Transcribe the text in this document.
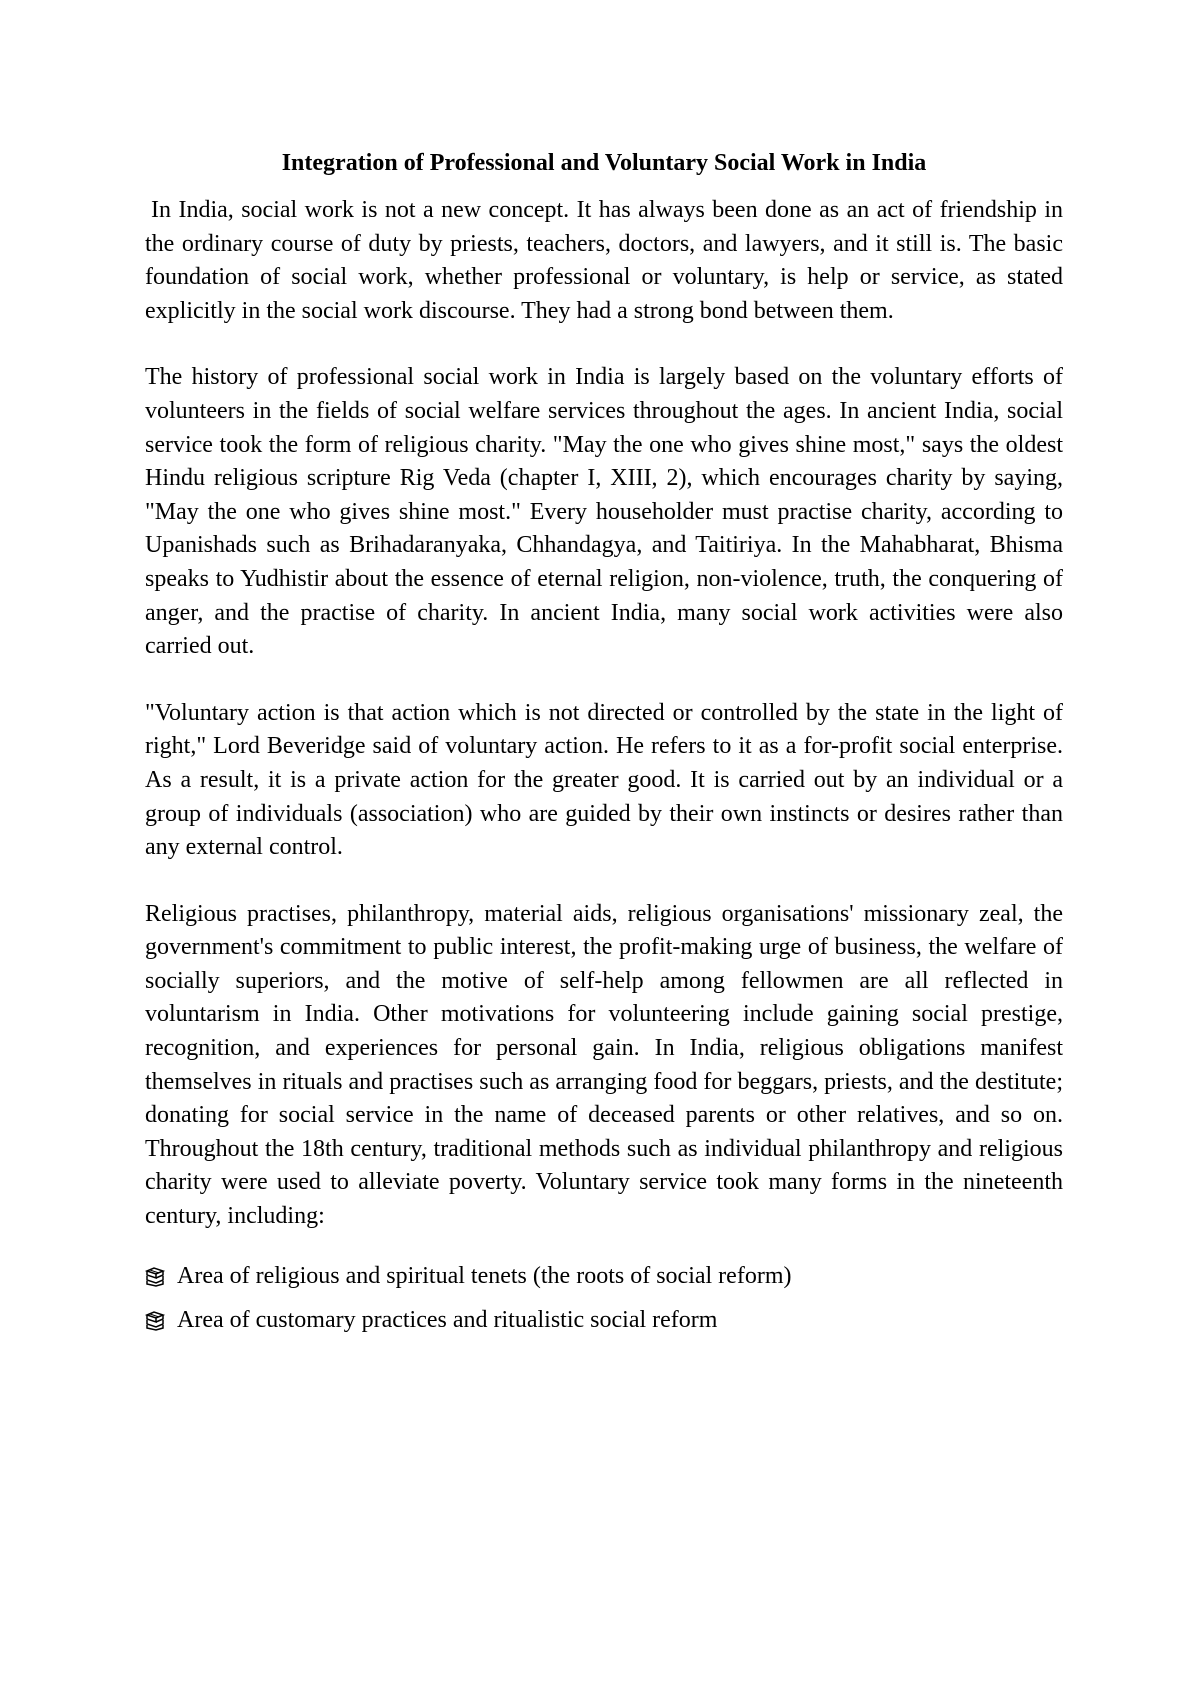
Integration of Professional and Voluntary Social Work in India

In India, social work is not a new concept. It has always been done as an act of friendship in the ordinary course of duty by priests, teachers, doctors, and lawyers, and it still is. The basic foundation of social work, whether professional or voluntary, is help or service, as stated explicitly in the social work discourse. They had a strong bond between them.

The history of professional social work in India is largely based on the voluntary efforts of volunteers in the fields of social welfare services throughout the ages. In ancient India, social service took the form of religious charity. "May the one who gives shine most," says the oldest Hindu religious scripture Rig Veda (chapter I, XIII, 2), which encourages charity by saying, "May the one who gives shine most." Every householder must practise charity, according to Upanishads such as Brihadaranyaka, Chhandagya, and Taitiriya. In the Mahabharat, Bhisma speaks to Yudhistir about the essence of eternal religion, non-violence, truth, the conquering of anger, and the practise of charity. In ancient India, many social work activities were also carried out.

"Voluntary action is that action which is not directed or controlled by the state in the light of right," Lord Beveridge said of voluntary action. He refers to it as a for-profit social enterprise. As a result, it is a private action for the greater good. It is carried out by an individual or a group of individuals (association) who are guided by their own instincts or desires rather than any external control.

Religious practises, philanthropy, material aids, religious organisations' missionary zeal, the government's commitment to public interest, the profit-making urge of business, the welfare of socially superiors, and the motive of self-help among fellowmen are all reflected in voluntarism in India. Other motivations for volunteering include gaining social prestige, recognition, and experiences for personal gain. In India, religious obligations manifest themselves in rituals and practises such as arranging food for beggars, priests, and the destitute; donating for social service in the name of deceased parents or other relatives, and so on. Throughout the 18th century, traditional methods such as individual philanthropy and religious charity were used to alleviate poverty. Voluntary service took many forms in the nineteenth century, including:

Area of religious and spiritual tenets (the roots of social reform)
Area of customary practices and ritualistic social reform
